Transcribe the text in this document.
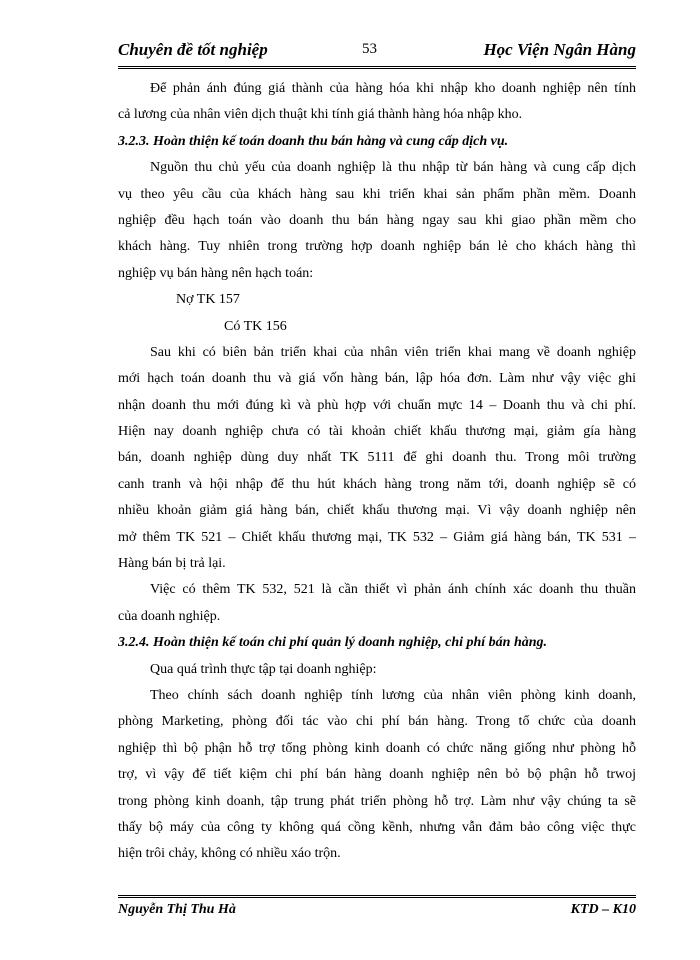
Chuyên đề tốt nghiệp	53	Học Viện Ngân Hàng
Để phản ánh đúng giá thành của hàng hóa khi nhập kho doanh nghiệp nên tính
cả lương của nhân viên dịch thuật khi tính giá thành hàng hóa nhập kho.
3.2.3. Hoàn thiện kế toán doanh thu bán hàng và cung cấp dịch vụ.
Nguồn thu chủ yếu của doanh nghiệp là thu nhập từ bán hàng và cung cấp dịch
vụ theo yêu cầu của khách hàng sau khi triển khai sản phẩm phần mềm. Doanh
nghiệp đều hạch toán vào doanh thu bán hàng ngay sau khi giao phần mềm cho
khách hàng. Tuy nhiên trong trường hợp doanh nghiệp bán lẻ cho khách hàng thì
nghiệp vụ bán hàng nên hạch toán:
Nợ TK 157
Có TK 156
Sau khi có biên bản triển khai của nhân viên triển khai mang về doanh nghiệp
mới hạch toán doanh thu và giá vốn hàng bán, lập hóa đơn. Làm như vậy việc ghi
nhận doanh thu mới đúng kì và phù hợp với chuẩn mực 14 – Doanh thu và chi phí.
Hiện nay doanh nghiệp chưa có tài khoản chiết khấu thương mại, giảm gía hàng
bán, doanh nghiệp dùng duy nhất TK 5111 để ghi doanh thu. Trong môi trường
canh tranh và hội nhập để thu hút khách hàng trong năm tới, doanh nghiệp sẽ có
nhiều khoản giảm giá hàng bán, chiết khấu thương mại. Vì vậy doanh nghiệp nên
mở thêm TK 521 – Chiết khấu thương mại, TK 532 – Giảm giá hàng bán, TK 531 –
Hàng bán bị trả lại.
Việc có thêm TK 532, 521 là cần thiết vì phản ánh chính xác doanh thu thuần
của doanh nghiệp.
3.2.4. Hoàn thiện kế toán chi phí quản lý doanh nghiệp, chi phí bán hàng.
Qua quá trình thực tập tại doanh nghiệp:
Theo chính sách doanh nghiệp tính lương của nhân viên phòng kinh doanh,
phòng Marketing, phòng đối tác vào chi phí bán hàng. Trong tổ chức của doanh
nghiệp thì bộ phận hỗ trợ tổng phòng kinh doanh có chức năng giống như phòng hỗ
trợ, vì vậy để tiết kiệm chi phí bán hàng doanh nghiệp nên bỏ bộ phận hỗ trwoj
trong phòng kinh doanh, tập trung phát triển phòng hỗ trợ. Làm như vậy chúng ta sẽ
thấy bộ máy của công ty không quá cồng kềnh, nhưng vẫn đảm bảo công việc thực
hiện trôi chảy, không có nhiều xáo trộn.
Nguyễn Thị Thu Hà	KTD – K10
